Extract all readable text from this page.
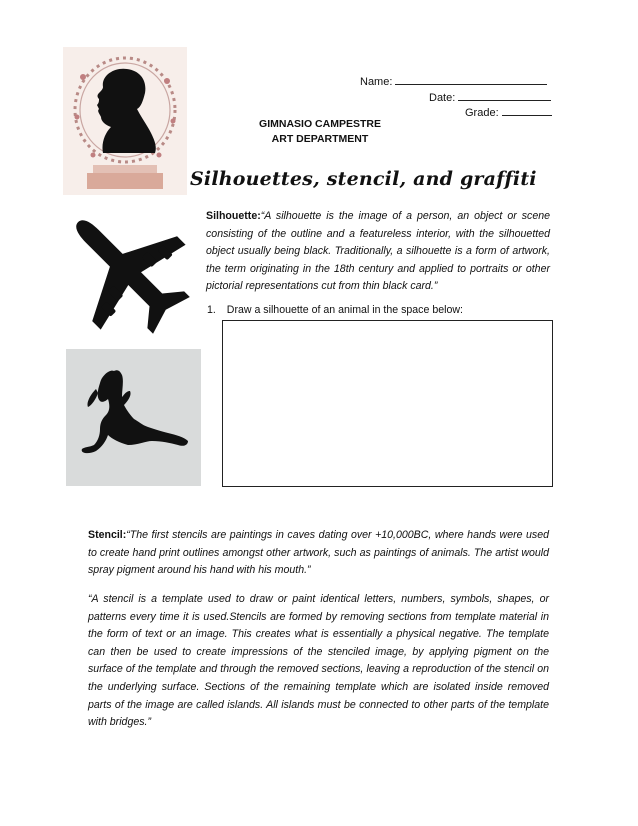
Name:
Date:
Grade:
GIMNASIO CAMPESTRE
ART DEPARTMENT
Silhouettes, stencil, and graffiti
Silhouette:“A silhouette is the image of a person, an object or scene consisting of the outline and a featureless interior, with the silhouetted object usually being black. Traditionally, a silhouette is a form of artwork, the term originating in the 18th century and applied to portraits or other pictorial representations cut from thin black card.”
1. Draw a silhouette of an animal in the space below:
Stencil:“The first stencils are paintings in caves dating over +10,000BC, where hands were used to create hand print outlines amongst other artwork, such as paintings of animals. The artist would spray pigment around his hand with his mouth.”
“A stencil is a template used to draw or paint identical letters, numbers, symbols, shapes, or patterns every time it is used.Stencils are formed by removing sections from template material in the form of text or an image. This creates what is essentially a physical negative. The template can then be used to create impressions of the stenciled image, by applying pigment on the surface of the template and through the removed sections, leaving a reproduction of the stencil on the underlying surface. Sections of the remaining template which are isolated inside removed parts of the image are called islands. All islands must be connected to other parts of the template with bridges.”
